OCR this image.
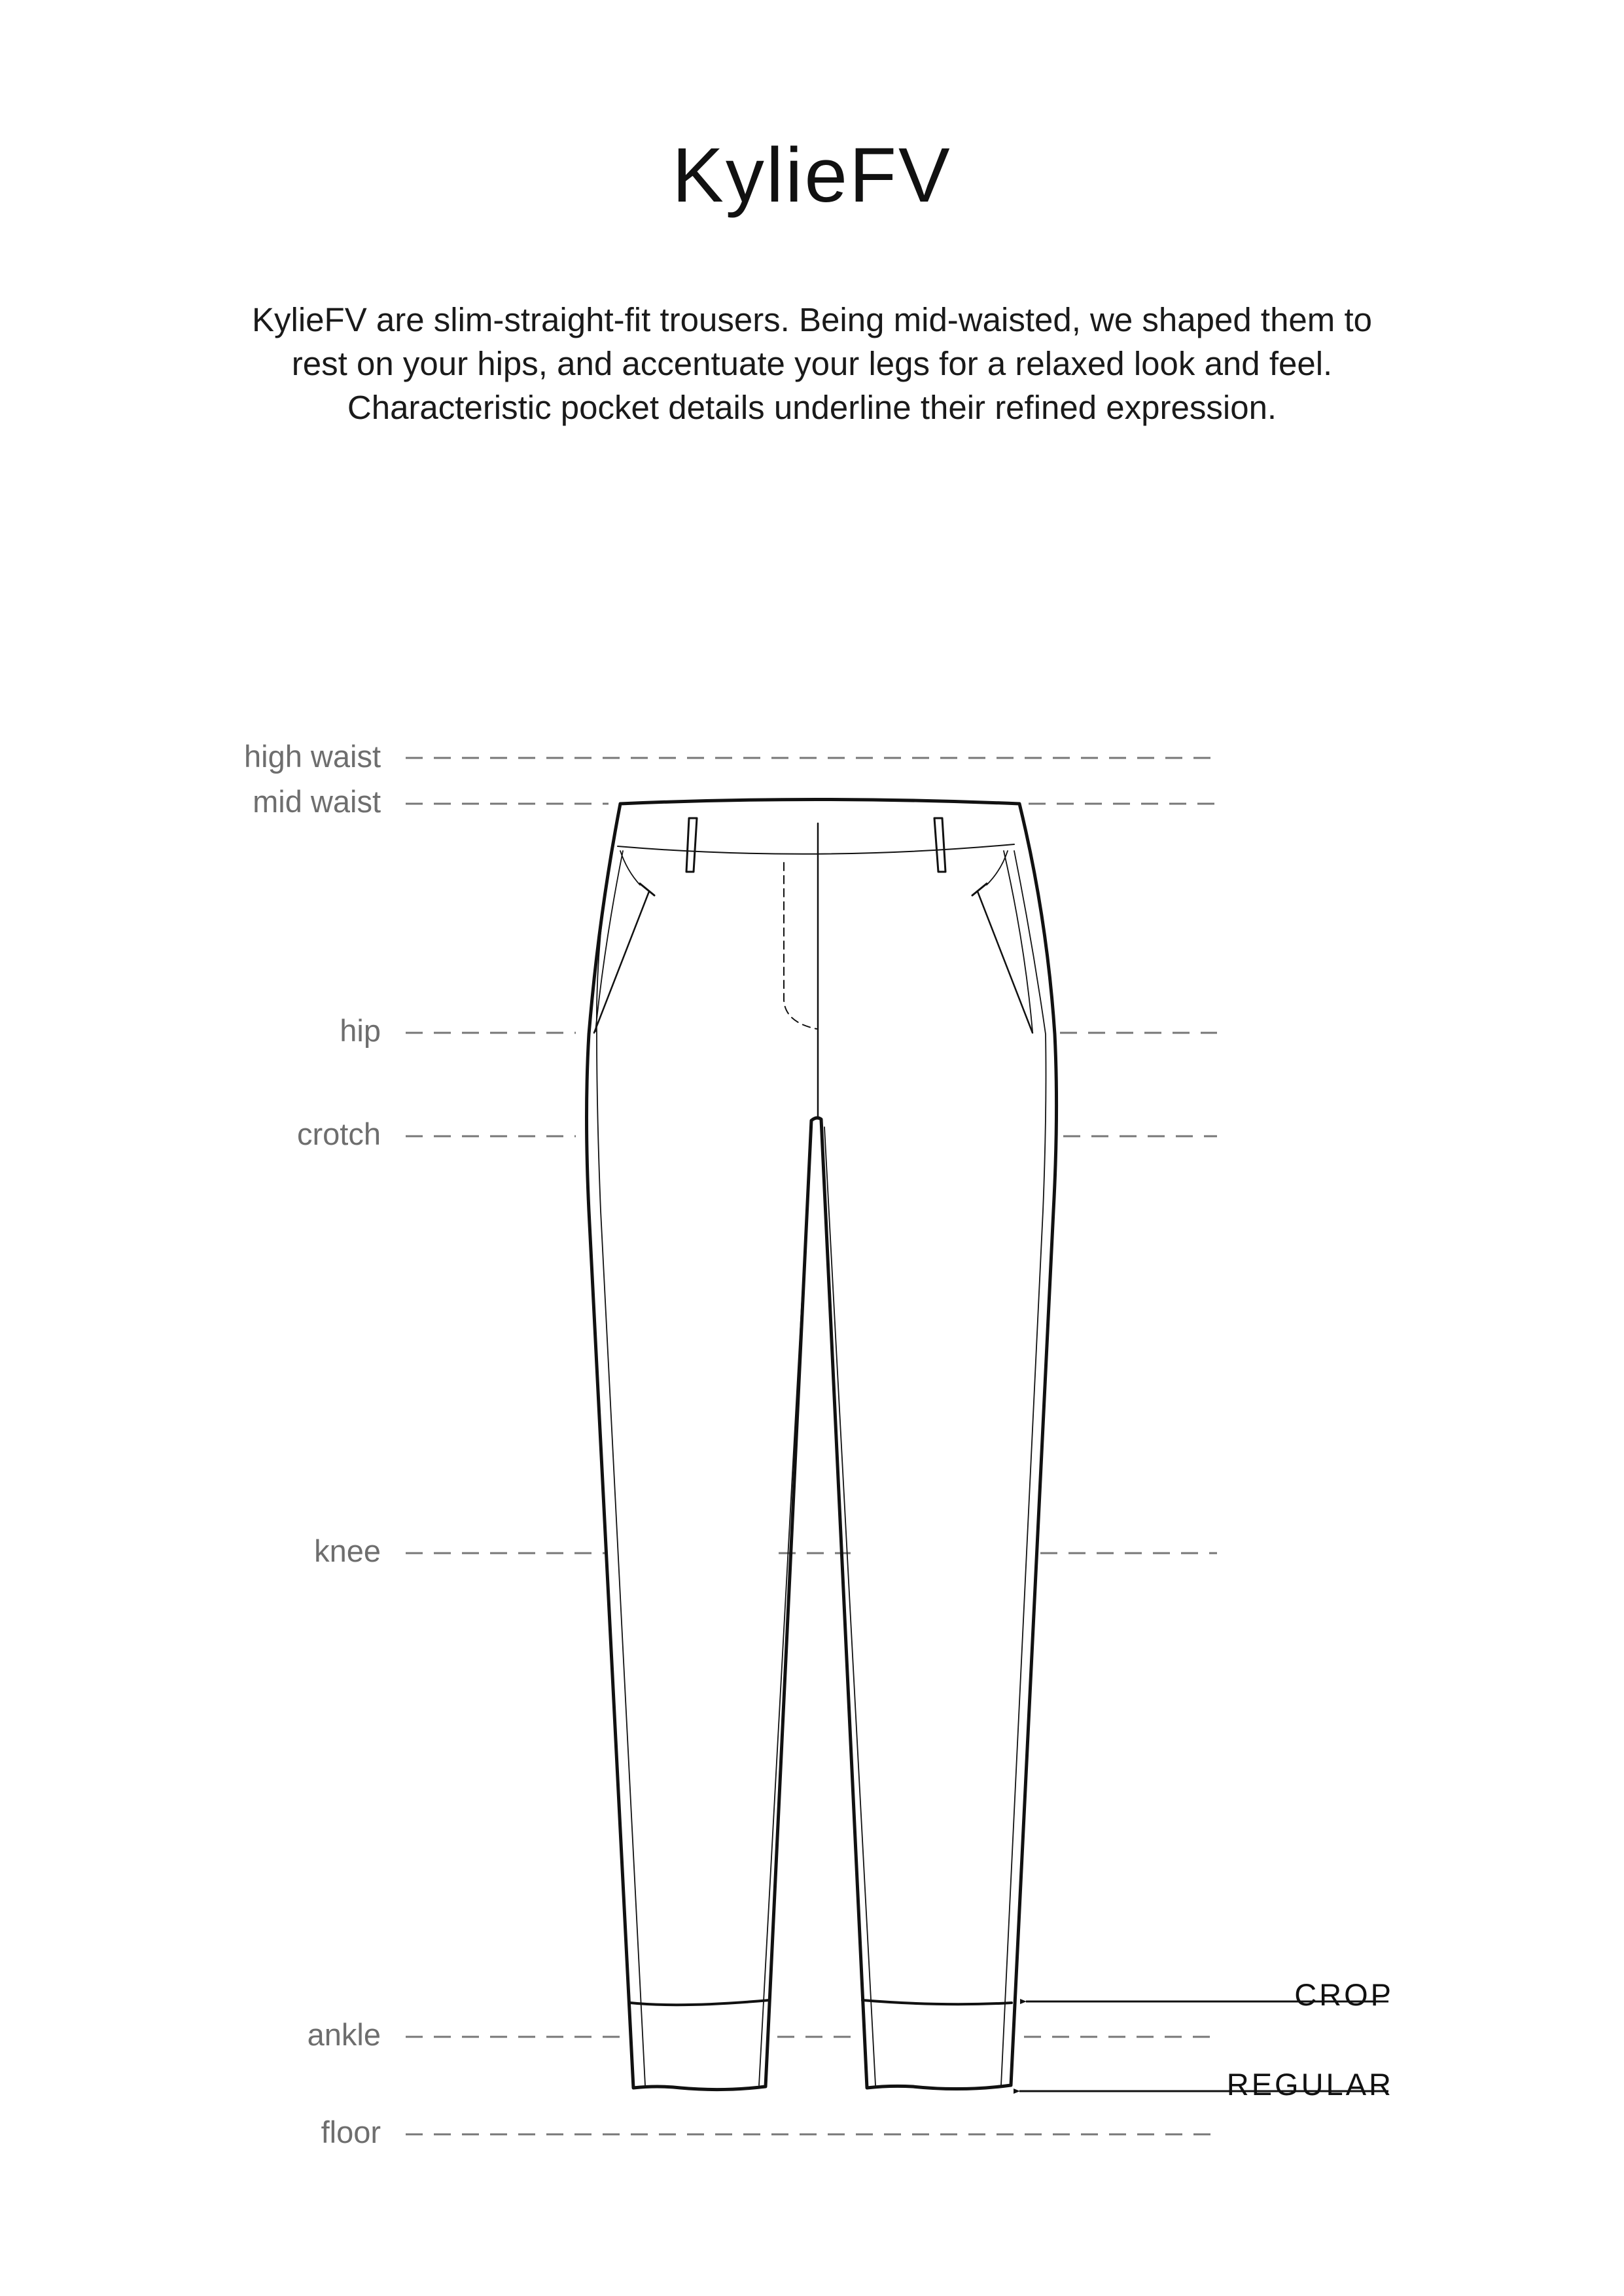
KylieFV

KylieFV are slim-straight-fit trousers. Being mid-waisted, we shaped them to rest on your hips, and accentuate your legs for a relaxed look and feel. Characteristic pocket details underline their refined expression.

high waist
mid waist
hip
crotch
knee
ankle
floor
CROP
REGULAR
